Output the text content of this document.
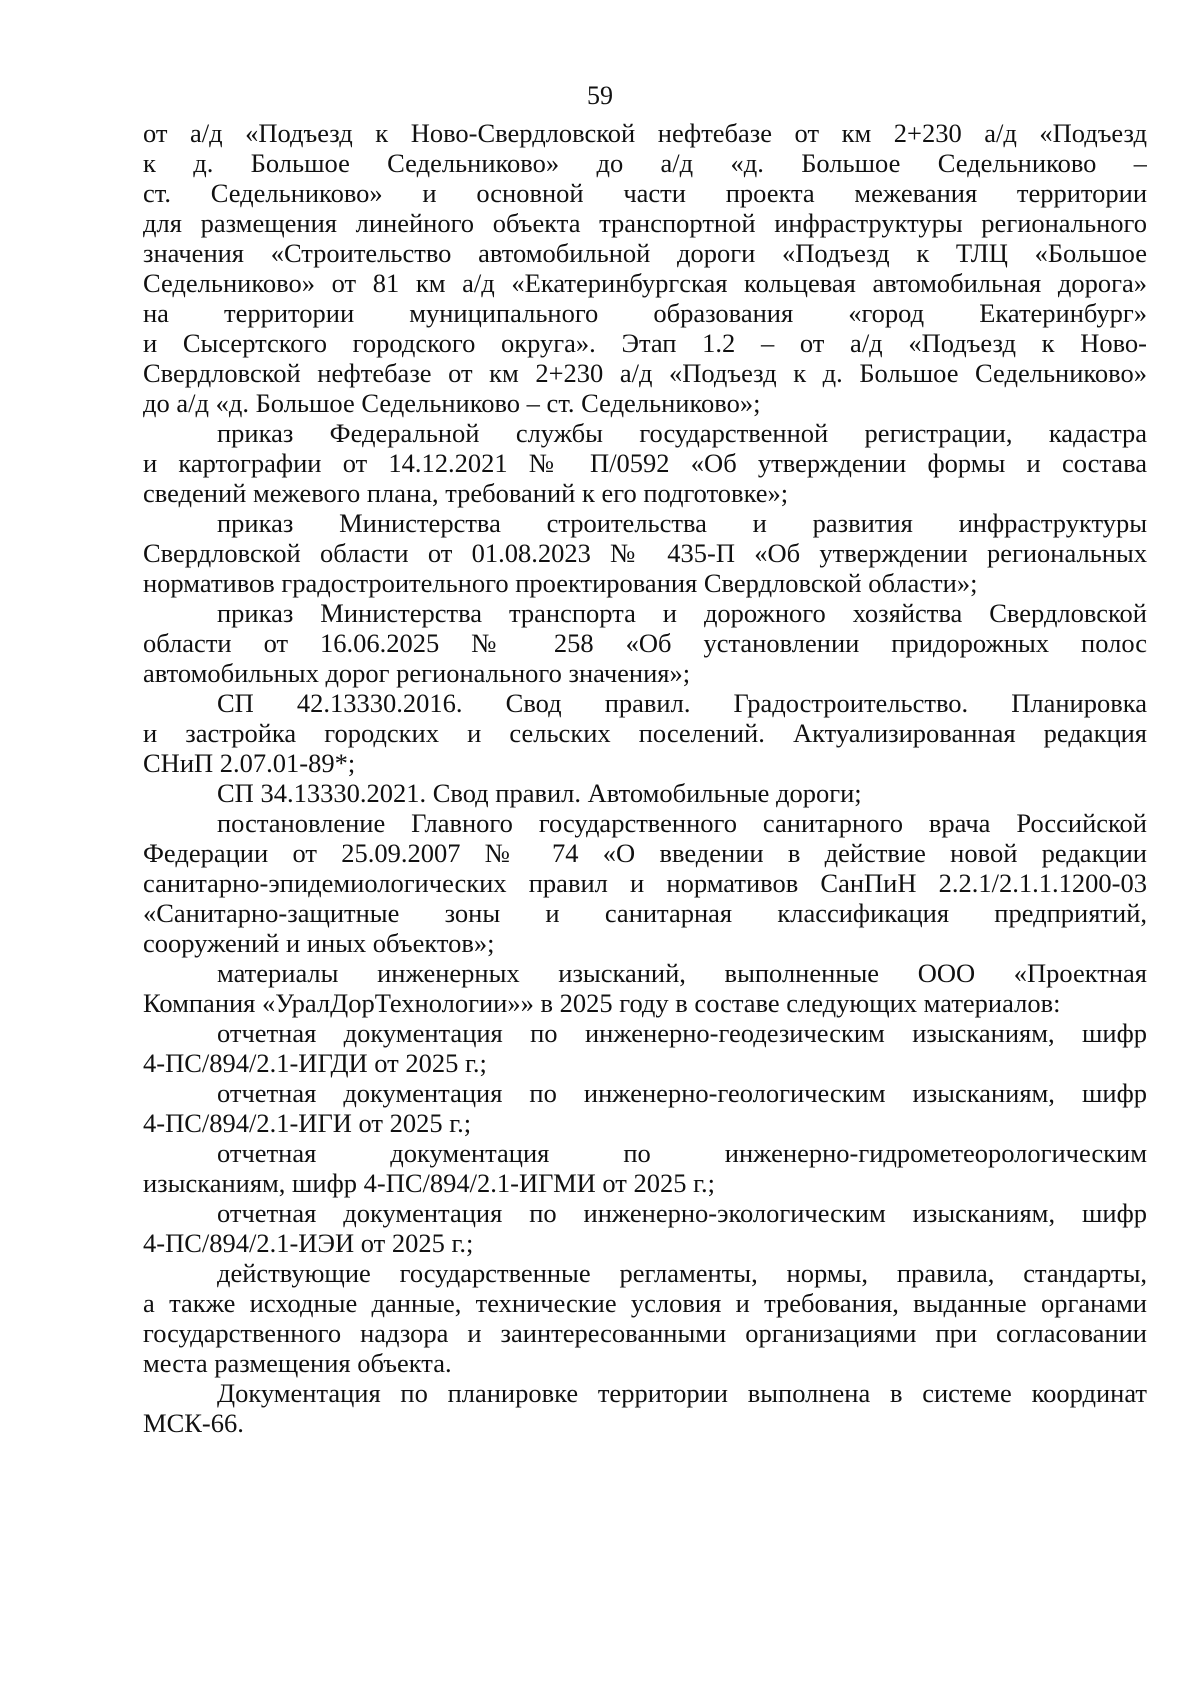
59
от а/д «Подъезд к Ново-Свердловской нефтебазе от км 2+230 а/д «Подъезд
к д. Большое Седельниково» до а/д «д. Большое Седельниково –
ст. Седельниково» и основной части проекта межевания территории
для размещения линейного объекта транспортной инфраструктуры регионального
значения «Строительство автомобильной дороги «Подъезд к ТЛЦ «Большое
Седельниково» от 81 км а/д «Екатеринбургская кольцевая автомобильная дорога»
на территории муниципального образования «город Екатеринбург»
и Сысертского городского округа». Этап 1.2 – от а/д «Подъезд к Ново-
Свердловской нефтебазе от км 2+230 а/д «Подъезд к д. Большое Седельниково»
до а/д «д. Большое Седельниково – ст. Седельниково»;
приказ Федеральной службы государственной регистрации, кадастра
и картографии от 14.12.2021 № П/0592 «Об утверждении формы и состава
сведений межевого плана, требований к его подготовке»;
приказ Министерства строительства и развития инфраструктуры
Свердловской области от 01.08.2023 № 435-П «Об утверждении региональных
нормативов градостроительного проектирования Свердловской области»;
приказ Министерства транспорта и дорожного хозяйства Свердловской
области от 16.06.2025 № 258 «Об установлении придорожных полос
автомобильных дорог регионального значения»;
СП 42.13330.2016. Свод правил. Градостроительство. Планировка
и застройка городских и сельских поселений. Актуализированная редакция
СНиП 2.07.01-89*;
СП 34.13330.2021. Свод правил. Автомобильные дороги;
постановление Главного государственного санитарного врача Российской
Федерации от 25.09.2007 № 74 «О введении в действие новой редакции
санитарно-эпидемиологических правил и нормативов СанПиН 2.2.1/2.1.1.1200-03
«Санитарно-защитные зоны и санитарная классификация предприятий,
сооружений и иных объектов»;
материалы инженерных изысканий, выполненные ООО «Проектная
Компания «УралДорТехнологии»» в 2025 году в составе следующих материалов:
отчетная документация по инженерно-геодезическим изысканиям, шифр
4-ПС/894/2.1-ИГДИ от 2025 г.;
отчетная документация по инженерно-геологическим изысканиям, шифр
4-ПС/894/2.1-ИГИ от 2025 г.;
отчетная документация по инженерно-гидрометеорологическим
изысканиям, шифр 4-ПС/894/2.1-ИГМИ от 2025 г.;
отчетная документация по инженерно-экологическим изысканиям, шифр
4-ПС/894/2.1-ИЭИ от 2025 г.;
действующие государственные регламенты, нормы, правила, стандарты,
а также исходные данные, технические условия и требования, выданные органами
государственного надзора и заинтересованными организациями при согласовании
места размещения объекта.
Документация по планировке территории выполнена в системе координат
МСК-66.
